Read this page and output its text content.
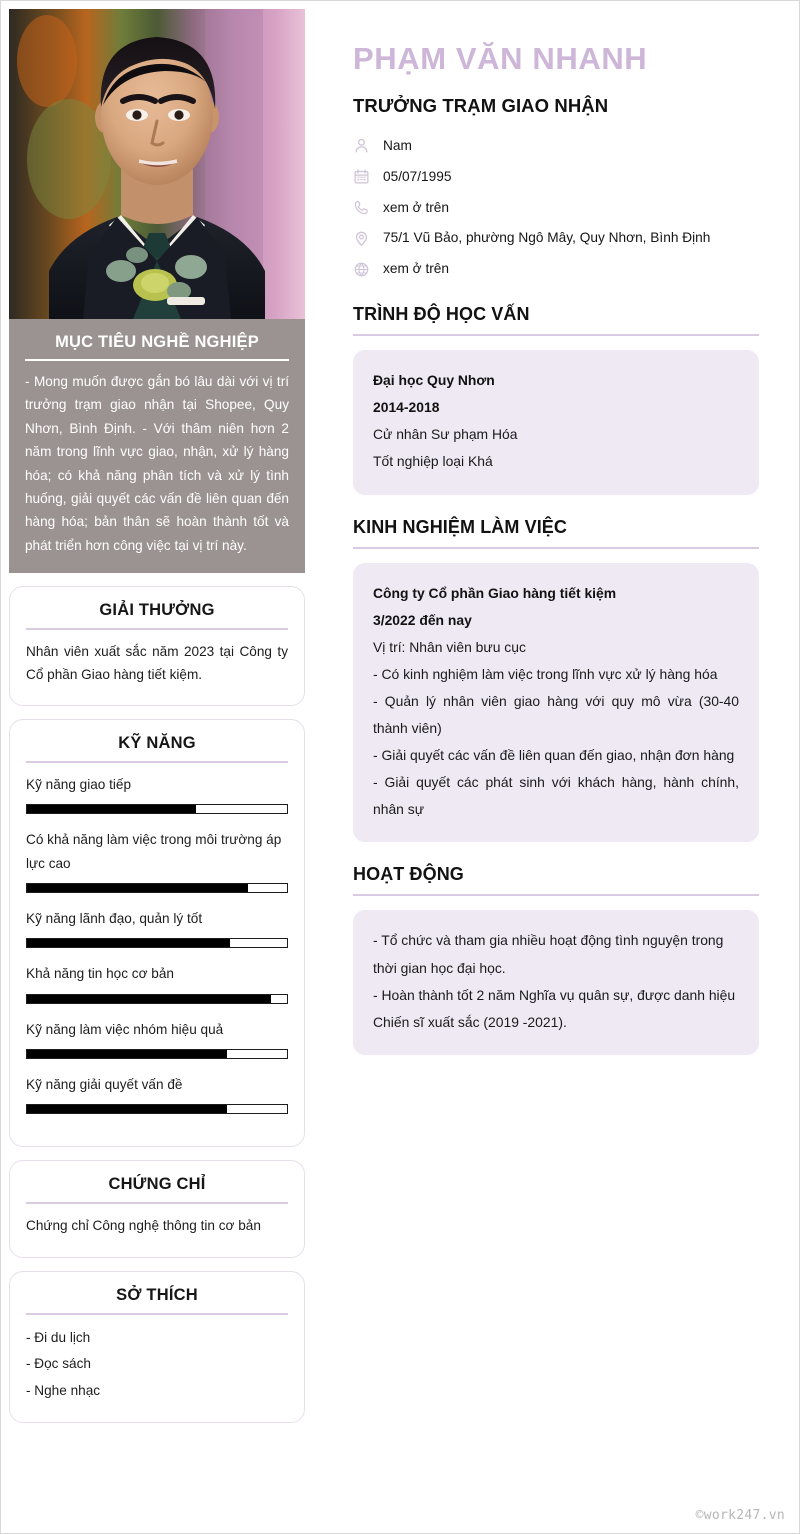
MỤC TIÊU NGHỀ NGHIỆP

- Mong muốn được gắn bó lâu dài với vị trí trưởng trạm giao nhận tại Shopee, Quy Nhơn, Bình Định. - Với thâm niên hơn 2 năm trong lĩnh vực giao, nhận, xử lý hàng hóa; có khả năng phân tích và xử lý tình huống, giải quyết các vấn đề liên quan đến hàng hóa; bản thân sẽ hoàn thành tốt và phát triển hơn công việc tại vị trí này.

GIẢI THƯỞNG

Nhân viên xuất sắc năm 2023 tại Công ty Cổ phần Giao hàng tiết kiệm.

KỸ NĂNG
Kỹ năng giao tiếp
Có khả năng làm việc trong môi trường áp lực cao
Kỹ năng lãnh đạo, quản lý tốt
Khả năng tin học cơ bản
Kỹ năng làm việc nhóm hiệu quả
Kỹ năng giải quyết vấn đề
CHỨNG CHỈ

Chứng chỉ Công nghệ thông tin cơ bản

SỞ THÍCH
- Đi du lịch
- Đọc sách
- Nghe nhạc
PHẠM VĂN NHANH
TRƯỞNG TRẠM GIAO NHẬN
Nam
05/07/1995
xem ở trên
75/1 Vũ Bảo, phường Ngô Mây, Quy Nhơn, Bình Định
xem ở trên
TRÌNH ĐỘ HỌC VẤN
Đại học Quy Nhơn
2014-2018
Cử nhân Sư phạm Hóa
Tốt nghiệp loại Khá
KINH NGHIỆM LÀM VIỆC
Công ty Cổ phần Giao hàng tiết kiệm
3/2022 đến nay
Vị trí: Nhân viên bưu cục
- Có kinh nghiệm làm việc trong lĩnh vực xử lý hàng hóa
- Quản lý nhân viên giao hàng với quy mô vừa (30-40 thành viên)
- Giải quyết các vấn đề liên quan đến giao, nhận đơn hàng
- Giải quyết các phát sinh với khách hàng, hành chính, nhân sự
HOẠT ĐỘNG
- Tổ chức và tham gia nhiều hoạt động tình nguyện trong thời gian học đại học.
- Hoàn thành tốt 2 năm Nghĩa vụ quân sự, được danh hiệu Chiến sĩ xuất sắc (2019 -2021).
©work247.vn
